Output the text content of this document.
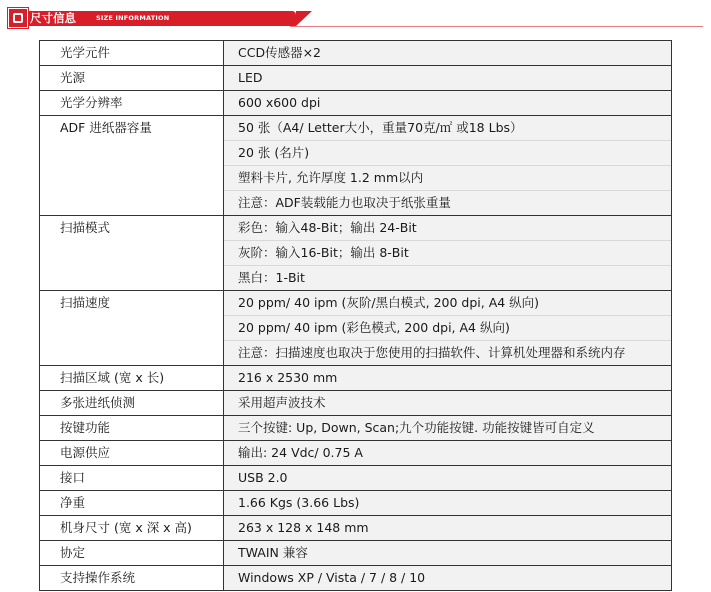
尺寸信息	SIZE INFORMATION
光学元件	CCD传感器×2

光源	LED

光学分辨率	600 x600 dpi

ADF 进纸器容量	50 张（A4/ Letter大小，重量70克/㎡ 或18 Lbs）
20 张 (名片)
塑料卡片, 允许厚度 1.2 mm以内
注意：ADF装载能力也取决于纸张重量

扫描模式	彩色：输入48-Bit；输出 24-Bit
灰阶：输入16-Bit；输出 8-Bit
黑白：1-Bit

扫描速度	20 ppm/ 40 ipm (灰阶/黑白模式, 200 dpi, A4 纵向)
20 ppm/ 40 ipm (彩色模式, 200 dpi, A4 纵向)
注意：扫描速度也取决于您使用的扫描软件、计算机处理器和系统内存

扫描区域 (宽 x 长)	216 x 2530 mm

多张进纸侦测	采用超声波技术

按键功能	三个按键: Up, Down, Scan;九个功能按键. 功能按键皆可自定义

电源供应	输出: 24 Vdc/ 0.75 A

接口	USB 2.0

净重	1.66 Kgs (3.66 Lbs)

机身尺寸 (宽 x 深 x 高)	263 x 128 x 148 mm

协定	TWAIN 兼容

支持操作系统	Windows XP / Vista / 7 / 8 / 10
